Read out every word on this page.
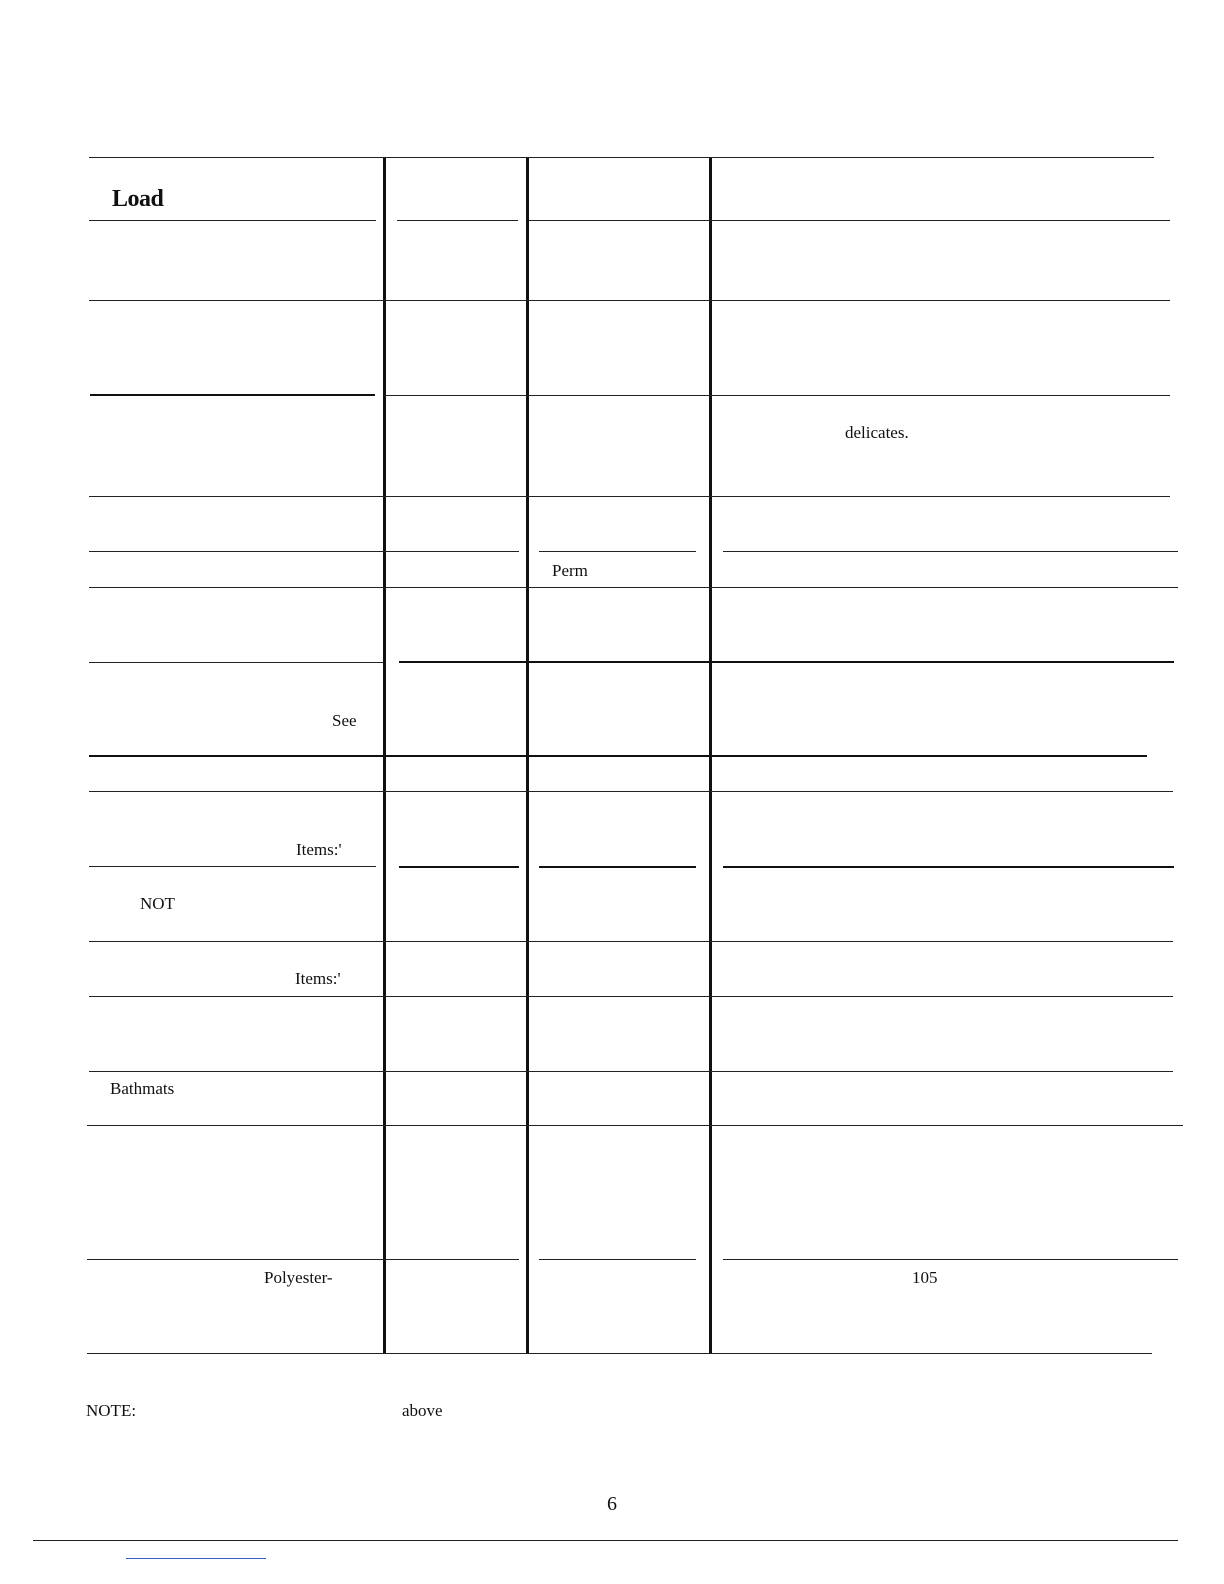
Load
delicates.
Perm
See
Items:'
NOT
Items:'
Bathmats
Polyester-	105
NOTE:	above
6
